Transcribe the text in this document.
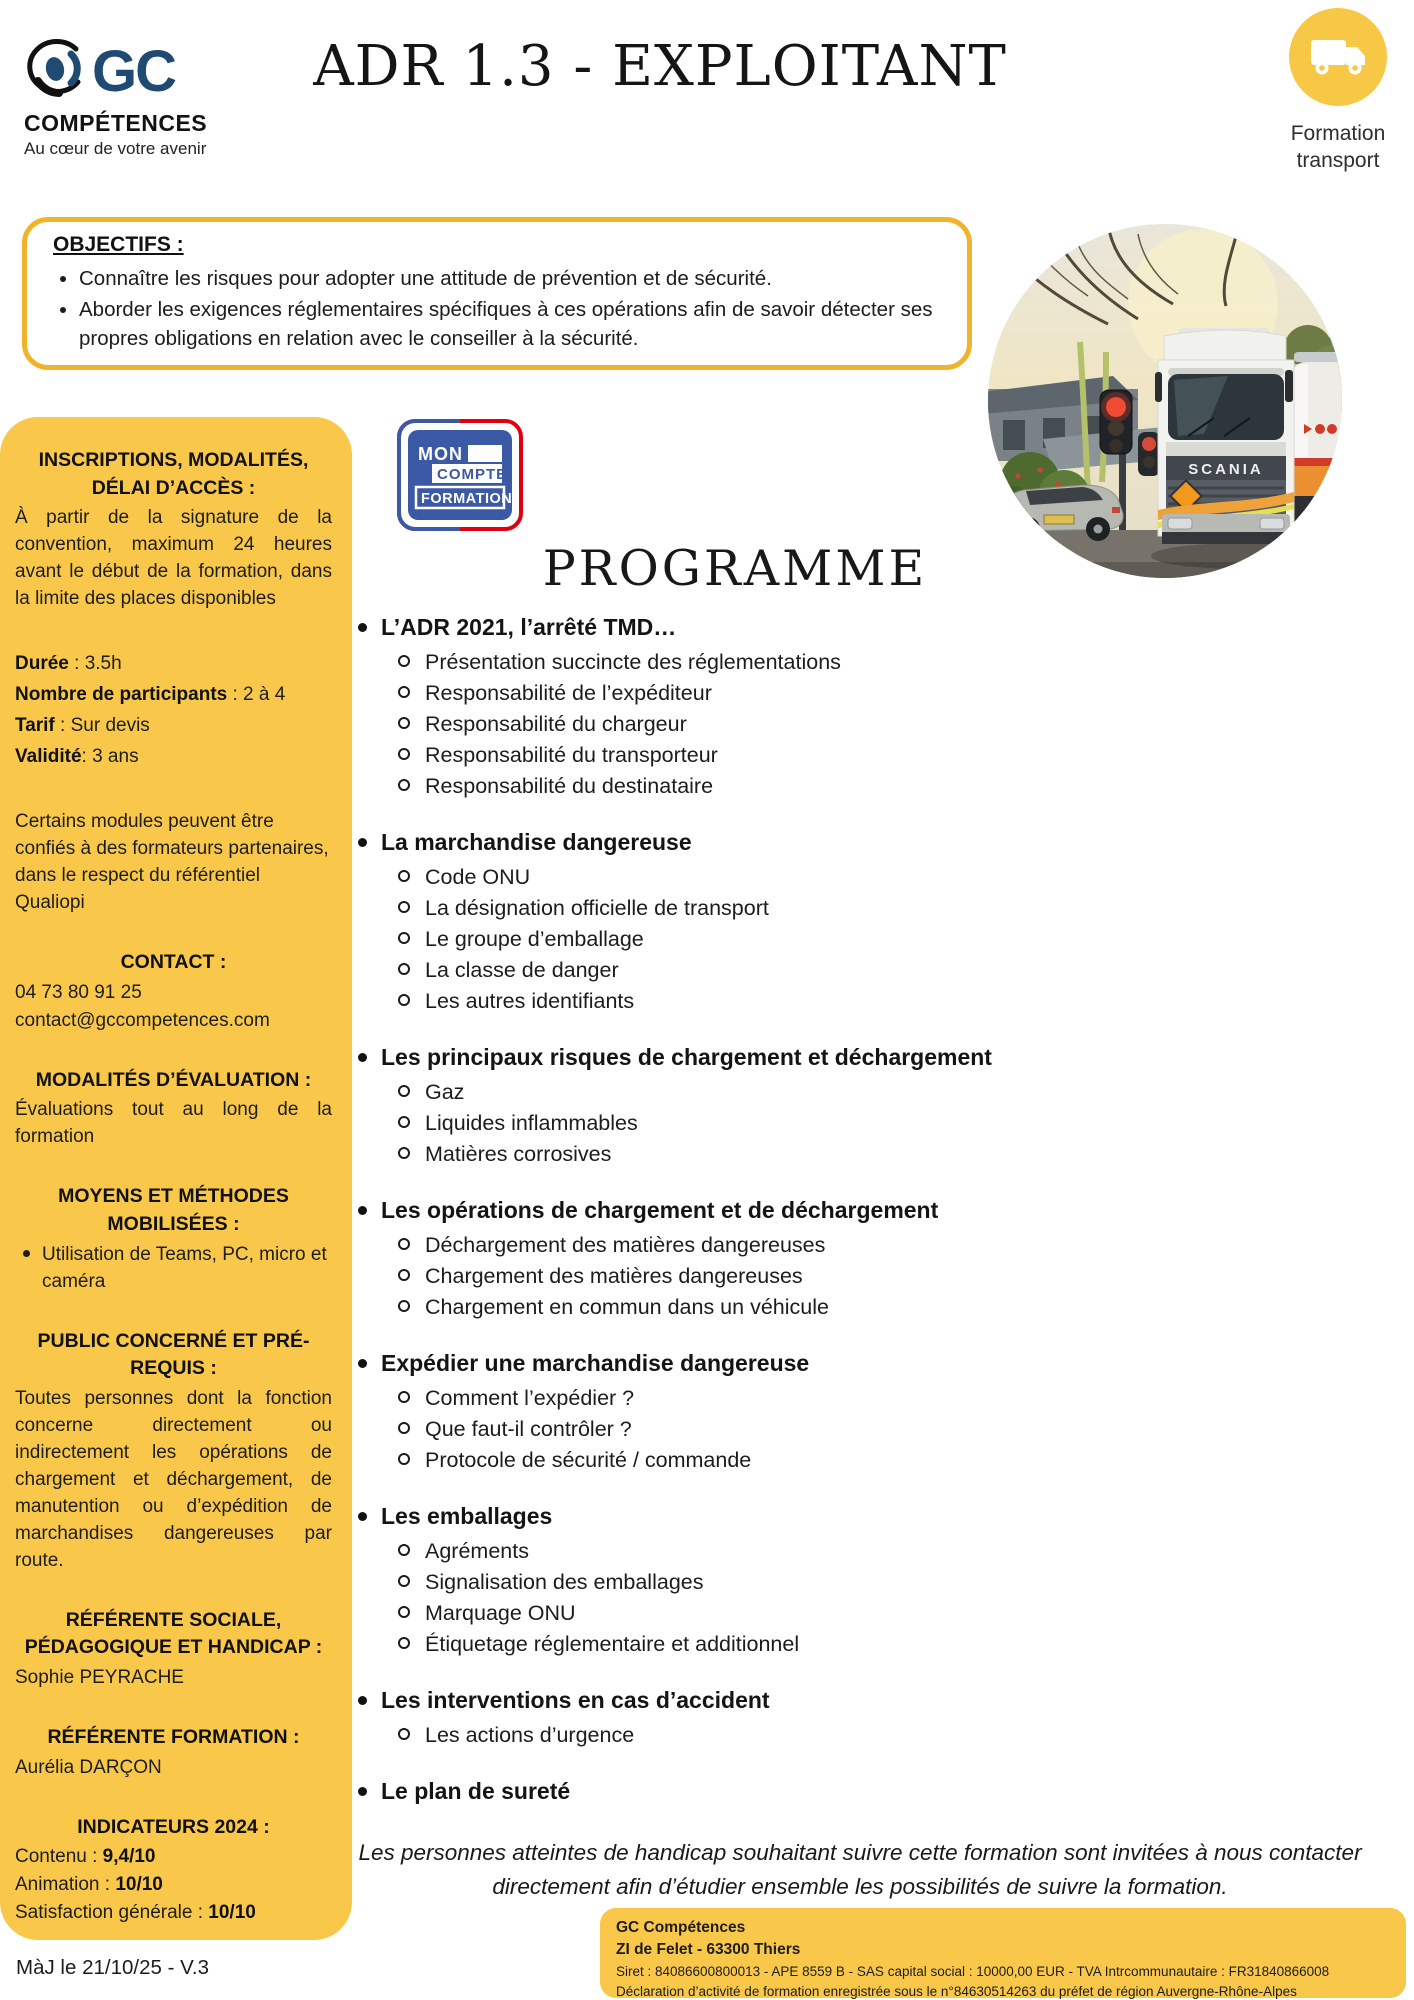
GC
COMPÉTENCES
Au cœur de votre avenir
ADR 1.3 - EXPLOITANT
Formation
transport
OBJECTIFS :
• Connaître les risques pour adopter une attitude de prévention et de sécurité.
• Aborder les exigences réglementaires spécifiques à ces opérations afin de savoir détecter ses propres obligations en relation avec le conseiller à la sécurité.
SCANIA
INSCRIPTIONS, MODALITÉS, DÉLAI D’ACCÈS :
À partir de la signature de la convention, maximum 24 heures avant le début de la formation, dans la limite des places disponibles
Durée : 3.5h
Nombre de participants : 2 à 4
Tarif : Sur devis
Validité: 3 ans
Certains modules peuvent être confiés à des formateurs partenaires, dans le respect du référentiel Qualiopi
CONTACT :
04 73 80 91 25
contact@gccompetences.com
MODALITÉS D’ÉVALUATION :
Évaluations tout au long de la formation
MOYENS ET MÉTHODES MOBILISÉES :
Utilisation de Teams, PC, micro et caméra
PUBLIC CONCERNÉ ET PRÉ-REQUIS :
Toutes personnes dont la fonction concerne directement ou indirectement les opérations de chargement et déchargement, de manutention ou d’expédition de marchandises dangereuses par route.
RÉFÉRENTE SOCIALE, PÉDAGOGIQUE ET HANDICAP :
Sophie PEYRACHE
RÉFÉRENTE FORMATION :
Aurélia DARÇON
INDICATEURS 2024 :
Contenu : 9,4/10
Animation : 10/10
Satisfaction générale : 10/10
MON
COMPTE
FORMATION
PROGRAMME
L’ADR 2021, l’arrêté TMD…
Présentation succincte des réglementations
Responsabilité de l’expéditeur
Responsabilité du chargeur
Responsabilité du transporteur
Responsabilité du destinataire
La marchandise dangereuse
Code ONU
La désignation officielle de transport
Le groupe d’emballage
La classe de danger
Les autres identifiants
Les principaux risques de chargement et déchargement
Gaz
Liquides inflammables
Matières corrosives
Les opérations de chargement et de déchargement
Déchargement des matières dangereuses
Chargement des matières dangereuses
Chargement en commun dans un véhicule
Expédier une marchandise dangereuse
Comment l’expédier ?
Que faut-il contrôler ?
Protocole de sécurité / commande
Les emballages
Agréments
Signalisation des emballages
Marquage ONU
Étiquetage réglementaire et additionnel
Les interventions en cas d’accident
Les actions d’urgence
Le plan de sureté
Les personnes atteintes de handicap souhaitant suivre cette formation sont invitées à nous contacter directement afin d’étudier ensemble les possibilités de suivre la formation.
GC Compétences
ZI de Felet - 63300 Thiers
Siret : 84086600800013 - APE 8559 B - SAS capital social : 10000,00 EUR - TVA Intrcommunautaire : FR31840866008
Déclaration d’activité de formation enregistrée sous le n°84630514263 du préfet de région Auvergne-Rhône-Alpes
MàJ le 21/10/25 - V.3
